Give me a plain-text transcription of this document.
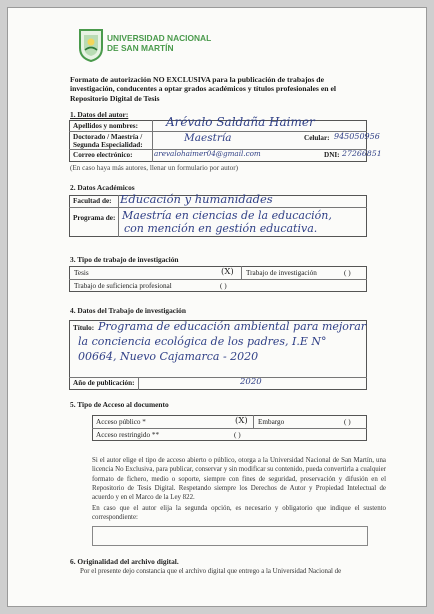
UNIVERSIDAD NACIONAL
DE SAN MARTÍN
Formato de autorización NO EXCLUSIVA para la publicación de trabajos de
investigación, conducentes a optar grados académicos y títulos profesionales en el
Repositorio Digital de Tesis
1. Datos del autor:
Apellidos y nombres: Arévalo Saldaña Haimer
Doctorado / Maestría /
Segunda Especialidad:
Maestría	Celular: 945050956
Correo electrónico:	arevalohaimer04@gmail.com	DNI: 27266851
(En caso haya más autores, llenar un formulario por autor)
2. Datos Académicos
Facultad de: Educación y humanidades
Programa de: Maestría en ciencias de la educación,
con mención en gestión educativa.
3. Tipo de trabajo de investigación
Tesis	(X) Trabajo de investigación	( )
Trabajo de suficiencia profesional	( )
4. Datos del Trabajo de investigación
Título: Programa de educación ambiental para mejorar
la conciencia ecológica de los padres, I.E N°
00664, Nuevo Cajamarca - 2020
Año de publicación:	2020
5. Tipo de Acceso al documento
Acceso público *	(X) Embargo	( )
Acceso restringido **	( )
Si el autor elige el tipo de acceso abierto o público, otorga a la Universidad Nacional de San Martín, una licencia No Exclusiva, para publicar, conservar y sin modificar su contenido, pueda convertirla a cualquier formato de fichero, medio o soporte, siempre con fines de seguridad, preservación y difusión en el Repositorio de Tesis Digital. Respetando siempre los Derechos de Autor y Propiedad Intelectual de acuerdo y en el Marco de la Ley 822.
En caso que el autor elija la segunda opción, es necesario y obligatorio que indique el sustento correspondiente:
6. Originalidad del archivo digital.
Por el presente dejo constancia que el archivo digital que entrego a la Universidad Nacional de
